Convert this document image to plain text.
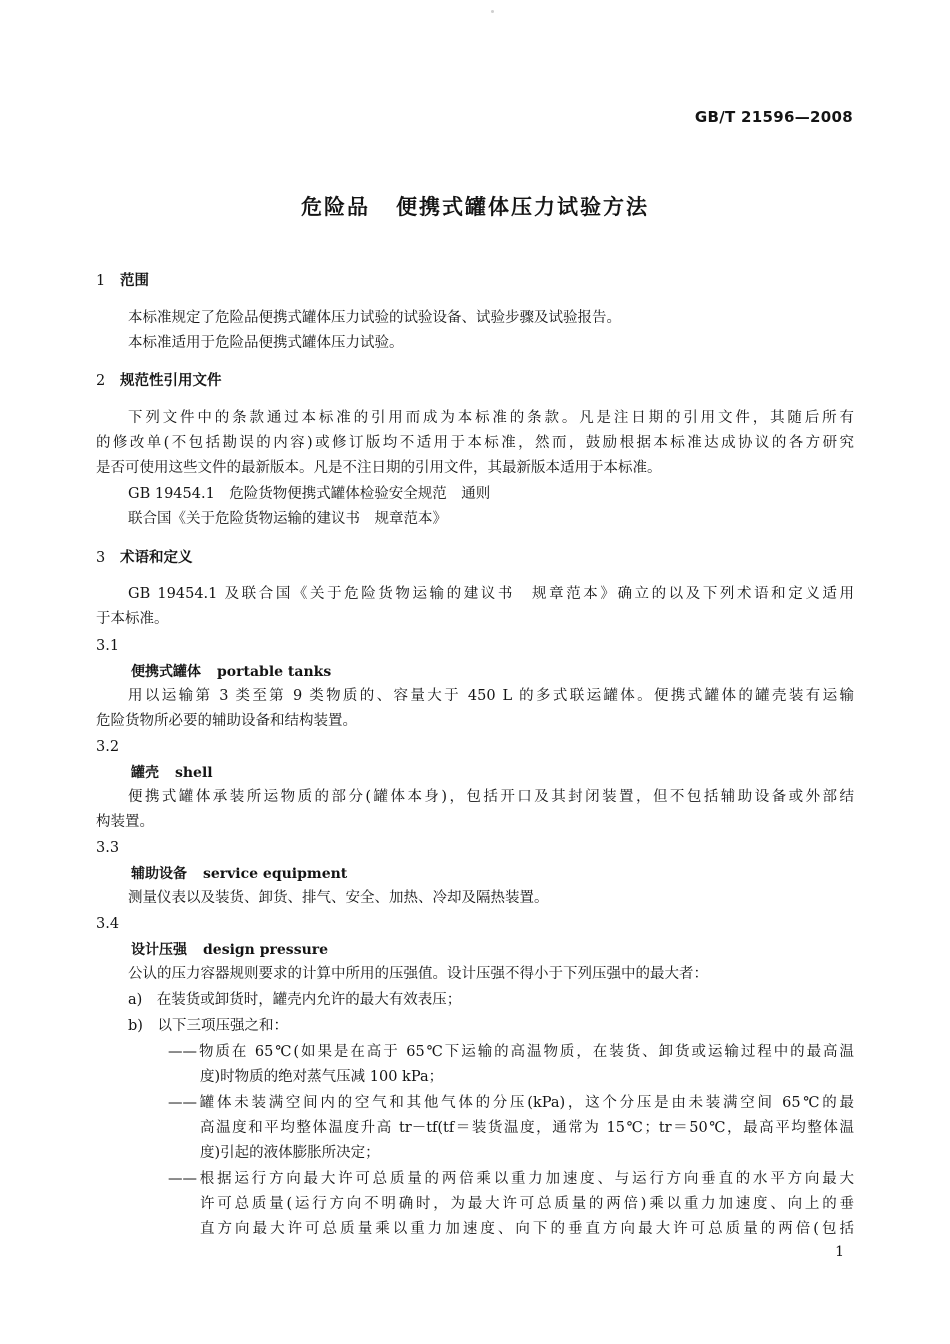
GB/T 21596—2008
危险品 便携式罐体压力试验方法
1 范围
本标准规定了危险品便携式罐体压力试验的试验设备、试验步骤及试验报告。
本标准适用于危险品便携式罐体压力试验。
2 规范性引用文件
下列文件中的条款通过本标准的引用而成为本标准的条款。凡是注日期的引用文件，其随后所有
的修改单(不包括勘误的内容)或修订版均不适用于本标准，然而，鼓励根据本标准达成协议的各方研究
是否可使用这些文件的最新版本。凡是不注日期的引用文件，其最新版本适用于本标准。
GB 19454.1　危险货物便携式罐体检验安全规范　通则
联合国《关于危险货物运输的建议书　规章范本》
3 术语和定义
GB 19454.1 及联合国《关于危险货物运输的建议书　规章范本》确立的以及下列术语和定义适用
于本标准。
3.1
便携式罐体 portable tanks
用以运输第 3 类至第 9 类物质的、容量大于 450 L 的多式联运罐体。便携式罐体的罐壳装有运输
危险货物所必要的辅助设备和结构装置。
3.2
罐壳 shell
便携式罐体承装所运物质的部分(罐体本身)，包括开口及其封闭装置，但不包括辅助设备或外部结
构装置。
3.3
辅助设备 service equipment
测量仪表以及装货、卸货、排气、安全、加热、冷却及隔热装置。
3.4
设计压强 design pressure
公认的压力容器规则要求的计算中所用的压强值。设计压强不得小于下列压强中的最大者：
a)　在装货或卸货时，罐壳内允许的最大有效表压；
b)　以下三项压强之和：
——物质在 65℃(如果是在高于 65℃下运输的高温物质，在装货、卸货或运输过程中的最高温
度)时物质的绝对蒸气压减 100 kPa；
——罐体未装满空间内的空气和其他气体的分压(kPa)，这个分压是由未装满空间 65℃的最
高温度和平均整体温度升高 tr－tf(tf＝装货温度，通常为 15℃；tr＝50℃，最高平均整体温
度)引起的液体膨胀所决定；
——根据运行方向最大许可总质量的两倍乘以重力加速度、与运行方向垂直的水平方向最大
许可总质量(运行方向不明确时，为最大许可总质量的两倍)乘以重力加速度、向上的垂
直方向最大许可总质量乘以重力加速度、向下的垂直方向最大许可总质量的两倍(包括
1
